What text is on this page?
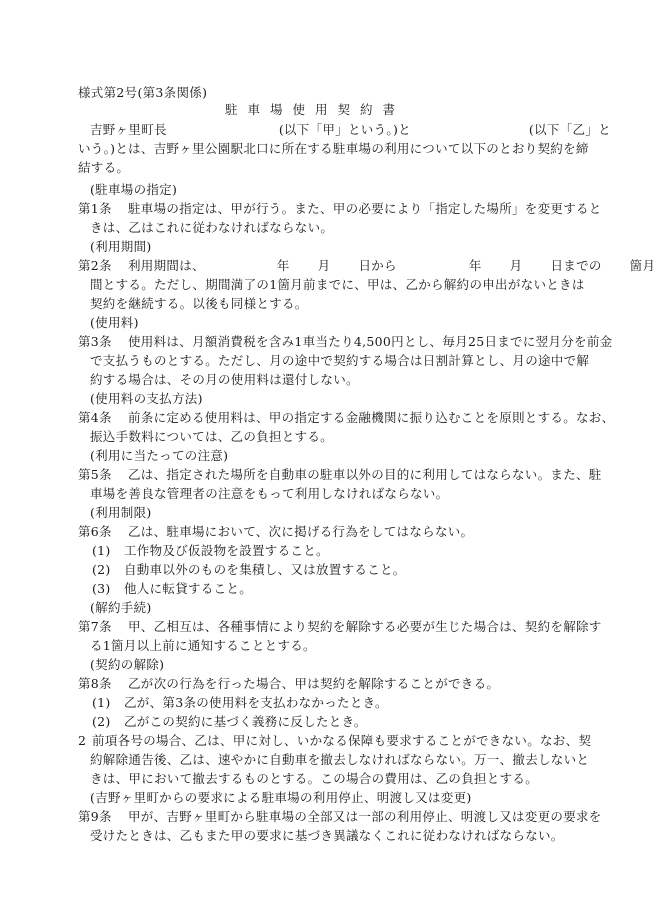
様式第2号(第3条関係)
駐車場使用契約書
吉野ヶ里町長	(以下「甲」という。)と	(以下「乙」と
いう。)とは、吉野ヶ里公園駅北口に所在する駐車場の利用について以下のとおり契約を締
結する。
(駐車場の指定)
第1条 駐車場の指定は、甲が行う。また、甲の必要により「指定した場所」を変更すると
きは、乙はこれに従わなければならない。
(利用期間)
第2条 利用期間は、	年 月 日から	年 月 日までの 箇月
間とする。ただし、期間満了の1箇月前までに、甲は、乙から解約の申出がないときは
契約を継続する。以後も同様とする。
(使用料)
第3条 使用料は、月額消費税を含み1車当たり4,500円とし、毎月25日までに翌月分を前金
で支払うものとする。ただし、月の途中で契約する場合は日割計算とし、月の途中で解
約する場合は、その月の使用料は還付しない。
(使用料の支払方法)
第4条 前条に定める使用料は、甲の指定する金融機関に振り込むことを原則とする。なお、
振込手数料については、乙の負担とする。
(利用に当たっての注意)
第5条 乙は、指定された場所を自動車の駐車以外の目的に利用してはならない。また、駐
車場を善良な管理者の注意をもって利用しなければならない。
(利用制限)
第6条 乙は、駐車場において、次に掲げる行為をしてはならない。
(1) 工作物及び仮設物を設置すること。
(2) 自動車以外のものを集積し、又は放置すること。
(3) 他人に転貸すること。
(解約手続)
第7条 甲、乙相互は、各種事情により契約を解除する必要が生じた場合は、契約を解除す
る1箇月以上前に通知することとする。
(契約の解除)
第8条 乙が次の行為を行った場合、甲は契約を解除することができる。
(1) 乙が、第3条の使用料を支払わなかったとき。
(2) 乙がこの契約に基づく義務に反したとき。
2 前項各号の場合、乙は、甲に対し、いかなる保障も要求することができない。なお、契
約解除通告後、乙は、速やかに自動車を撤去しなければならない。万一、撤去しないと
きは、甲において撤去するものとする。この場合の費用は、乙の負担とする。
(吉野ヶ里町からの要求による駐車場の利用停止、明渡し又は変更)
第9条 甲が、吉野ヶ里町から駐車場の全部又は一部の利用停止、明渡し又は変更の要求を
受けたときは、乙もまた甲の要求に基づき異議なくこれに従わなければならない。
